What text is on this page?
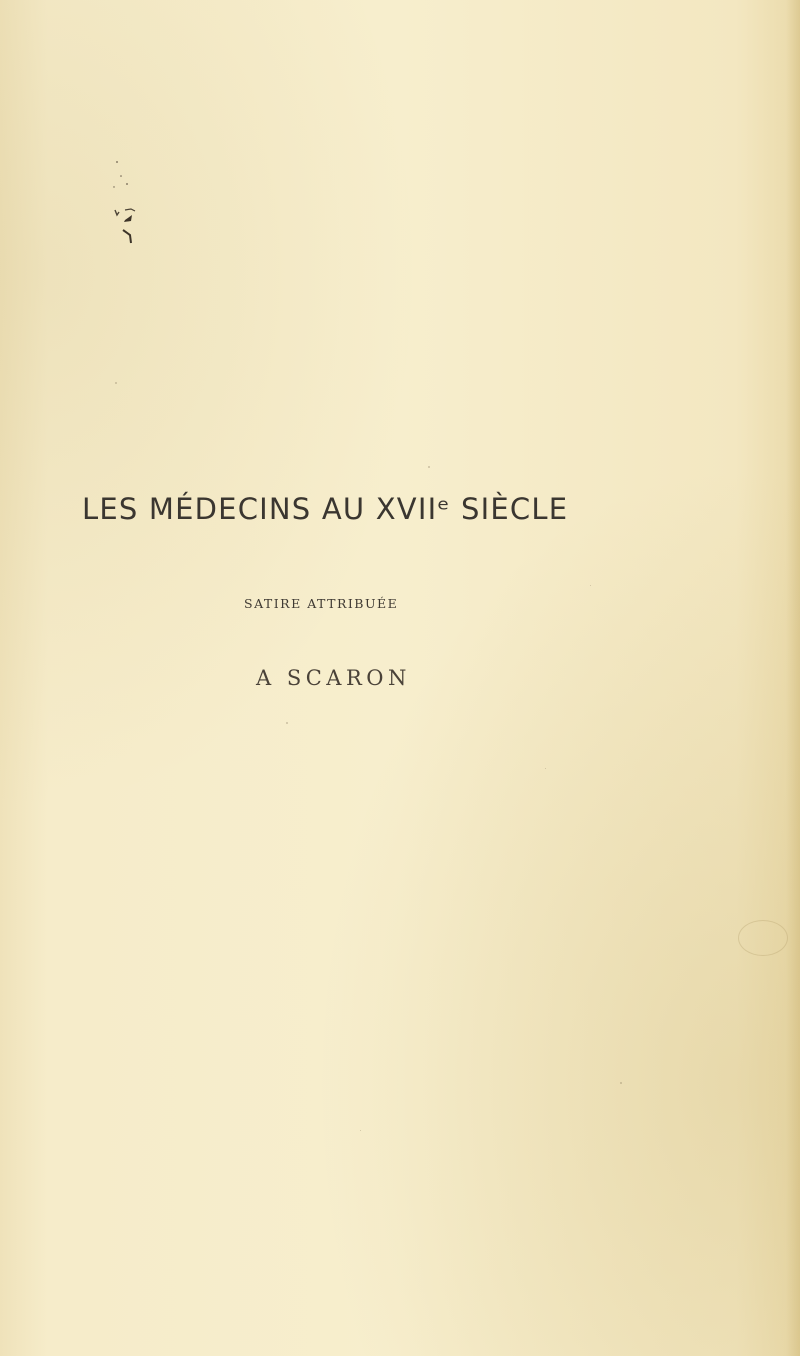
LES MÉDECINS AU XVIIᵉ SIÈCLE

SATIRE ATTRIBUÉE

A SCARON
